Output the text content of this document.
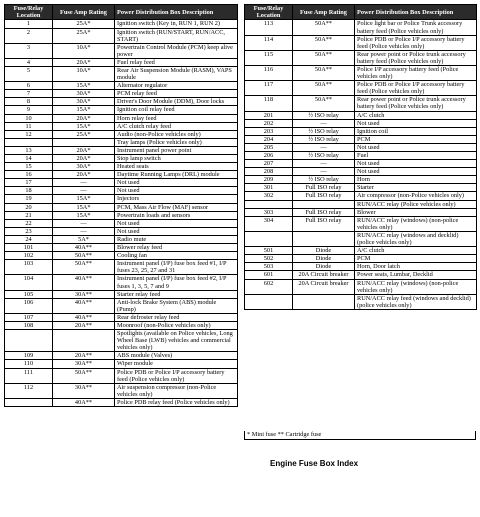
Fuse/Relay Location	Fuse Amp Rating	Power Distribution Box Description
1	25A*	Ignition switch (Key in, RUN 1, RUN 2)
2	25A*	Ignition switch (RUN/START, RUN/ACC, START)
3	10A*	Powertrain Control Module (PCM) keep alive power
4	20A*	Fuel relay feed
5	10A*	Rear Air Suspension Module (RASM), VAPS module
6	15A*	Alternator regulator
7	30A*	PCM relay feed
8	30A*	Driver's Door Module (DDM), Door locks
9	15A*	Ignition coil relay feed
10	20A*	Horn relay feed
11	15A*	A/C clutch relay feed
12	25A*	Audio (non-Police vehicles only)
		Tray lamps (Police vehicles only)
13	20A*	Instrument panel power point
14	20A*	Stop lamp switch
15	30A*	Heated seats
16	20A*	Daytime Running Lamps (DRL) module
17	—	Not used
18	—	Not used
19	15A*	Injectors
20	15A*	PCM, Mass Air Flow (MAF) sensor
21	15A*	Powertrain loads and sensors
22	—	Not used
23	—	Not used
24	5A*	Radio mute
101	40A**	Blower relay feed
102	50A**	Cooling fan
103	50A**	Instrument panel (I/P) fuse box feed #1, I/P fuses 23, 25, 27 and 31
104	40A**	Instrument panel (I/P) fuse box feed #2, I/P fuses 1, 3, 5, 7 and 9
105	30A**	Starter relay feed
106	40A**	Anti-lock Brake System (ABS) module (Pump)
107	40A**	Rear defroster relay feed
108	20A**	Moonroof (non-Police vehicles only)
		Spotlights (available on Police vehicles, Long Wheel Base (LWB) vehicles and commercial vehicles only)
109	20A**	ABS module (Valves)
110	30A**	Wiper module
111	50A**	Police PDB or Police I/P accessory battery feed (Police vehicles only)
112	30A**	Air suspension compressor (non-Police vehicles only)
	40A**	Police PDB relay feed (Police vehicles only)
Fuse/Relay Location	Fuse Amp Rating	Power Distribution Box Description
113	50A**	Police light bar or Police Trunk accessory battery feed (Police vehicles only)
114	50A**	Police PDB or Police I/P accessory battery feed (Police vehicles only)
115	50A**	Rear power point or Police trunk accessory battery feed (Police vehicles only)
116	50A**	Police I/P accessory battery feed (Police vehicles only)
117	50A**	Police PDB or Police I/P accessory battery feed (Police vehicles only)
118	50A**	Rear power point or Police trunk accessory battery feed (Police vehicles only)
201	½ ISO relay	A/C clutch
202	—	Not used
203	½ ISO relay	Ignition coil
204	½ ISO relay	PCM
205	—	Not used
206	½ ISO relay	Fuel
207	—	Not used
208	—	Not used
209	½ ISO relay	Horn
301	Full ISO relay	Starter
302	Full ISO relay	Air compressor (non-Police vehicles only)
		RUN/ACC relay (Police vehicles only)
303	Full ISO relay	Blower
304	Full ISO relay	RUN/ACC relay (windows) (non-police vehicles only)
		RUN/ACC relay (windows and decklid) (police vehicles only)
501	Diode	A/C clutch
502	Diode	PCM
503	Diode	Horn, Door latch
601	20A Circuit breaker	Power seats, Lumbar, Decklid
602	20A Circuit breaker	RUN/ACC relay (windows) (non-police vehicles only)
		RUN/ACC relay feed (windows and decklid) (police vehicles only)
* Mini fuse ** Cartridge fuse
Engine Fuse Box Index
